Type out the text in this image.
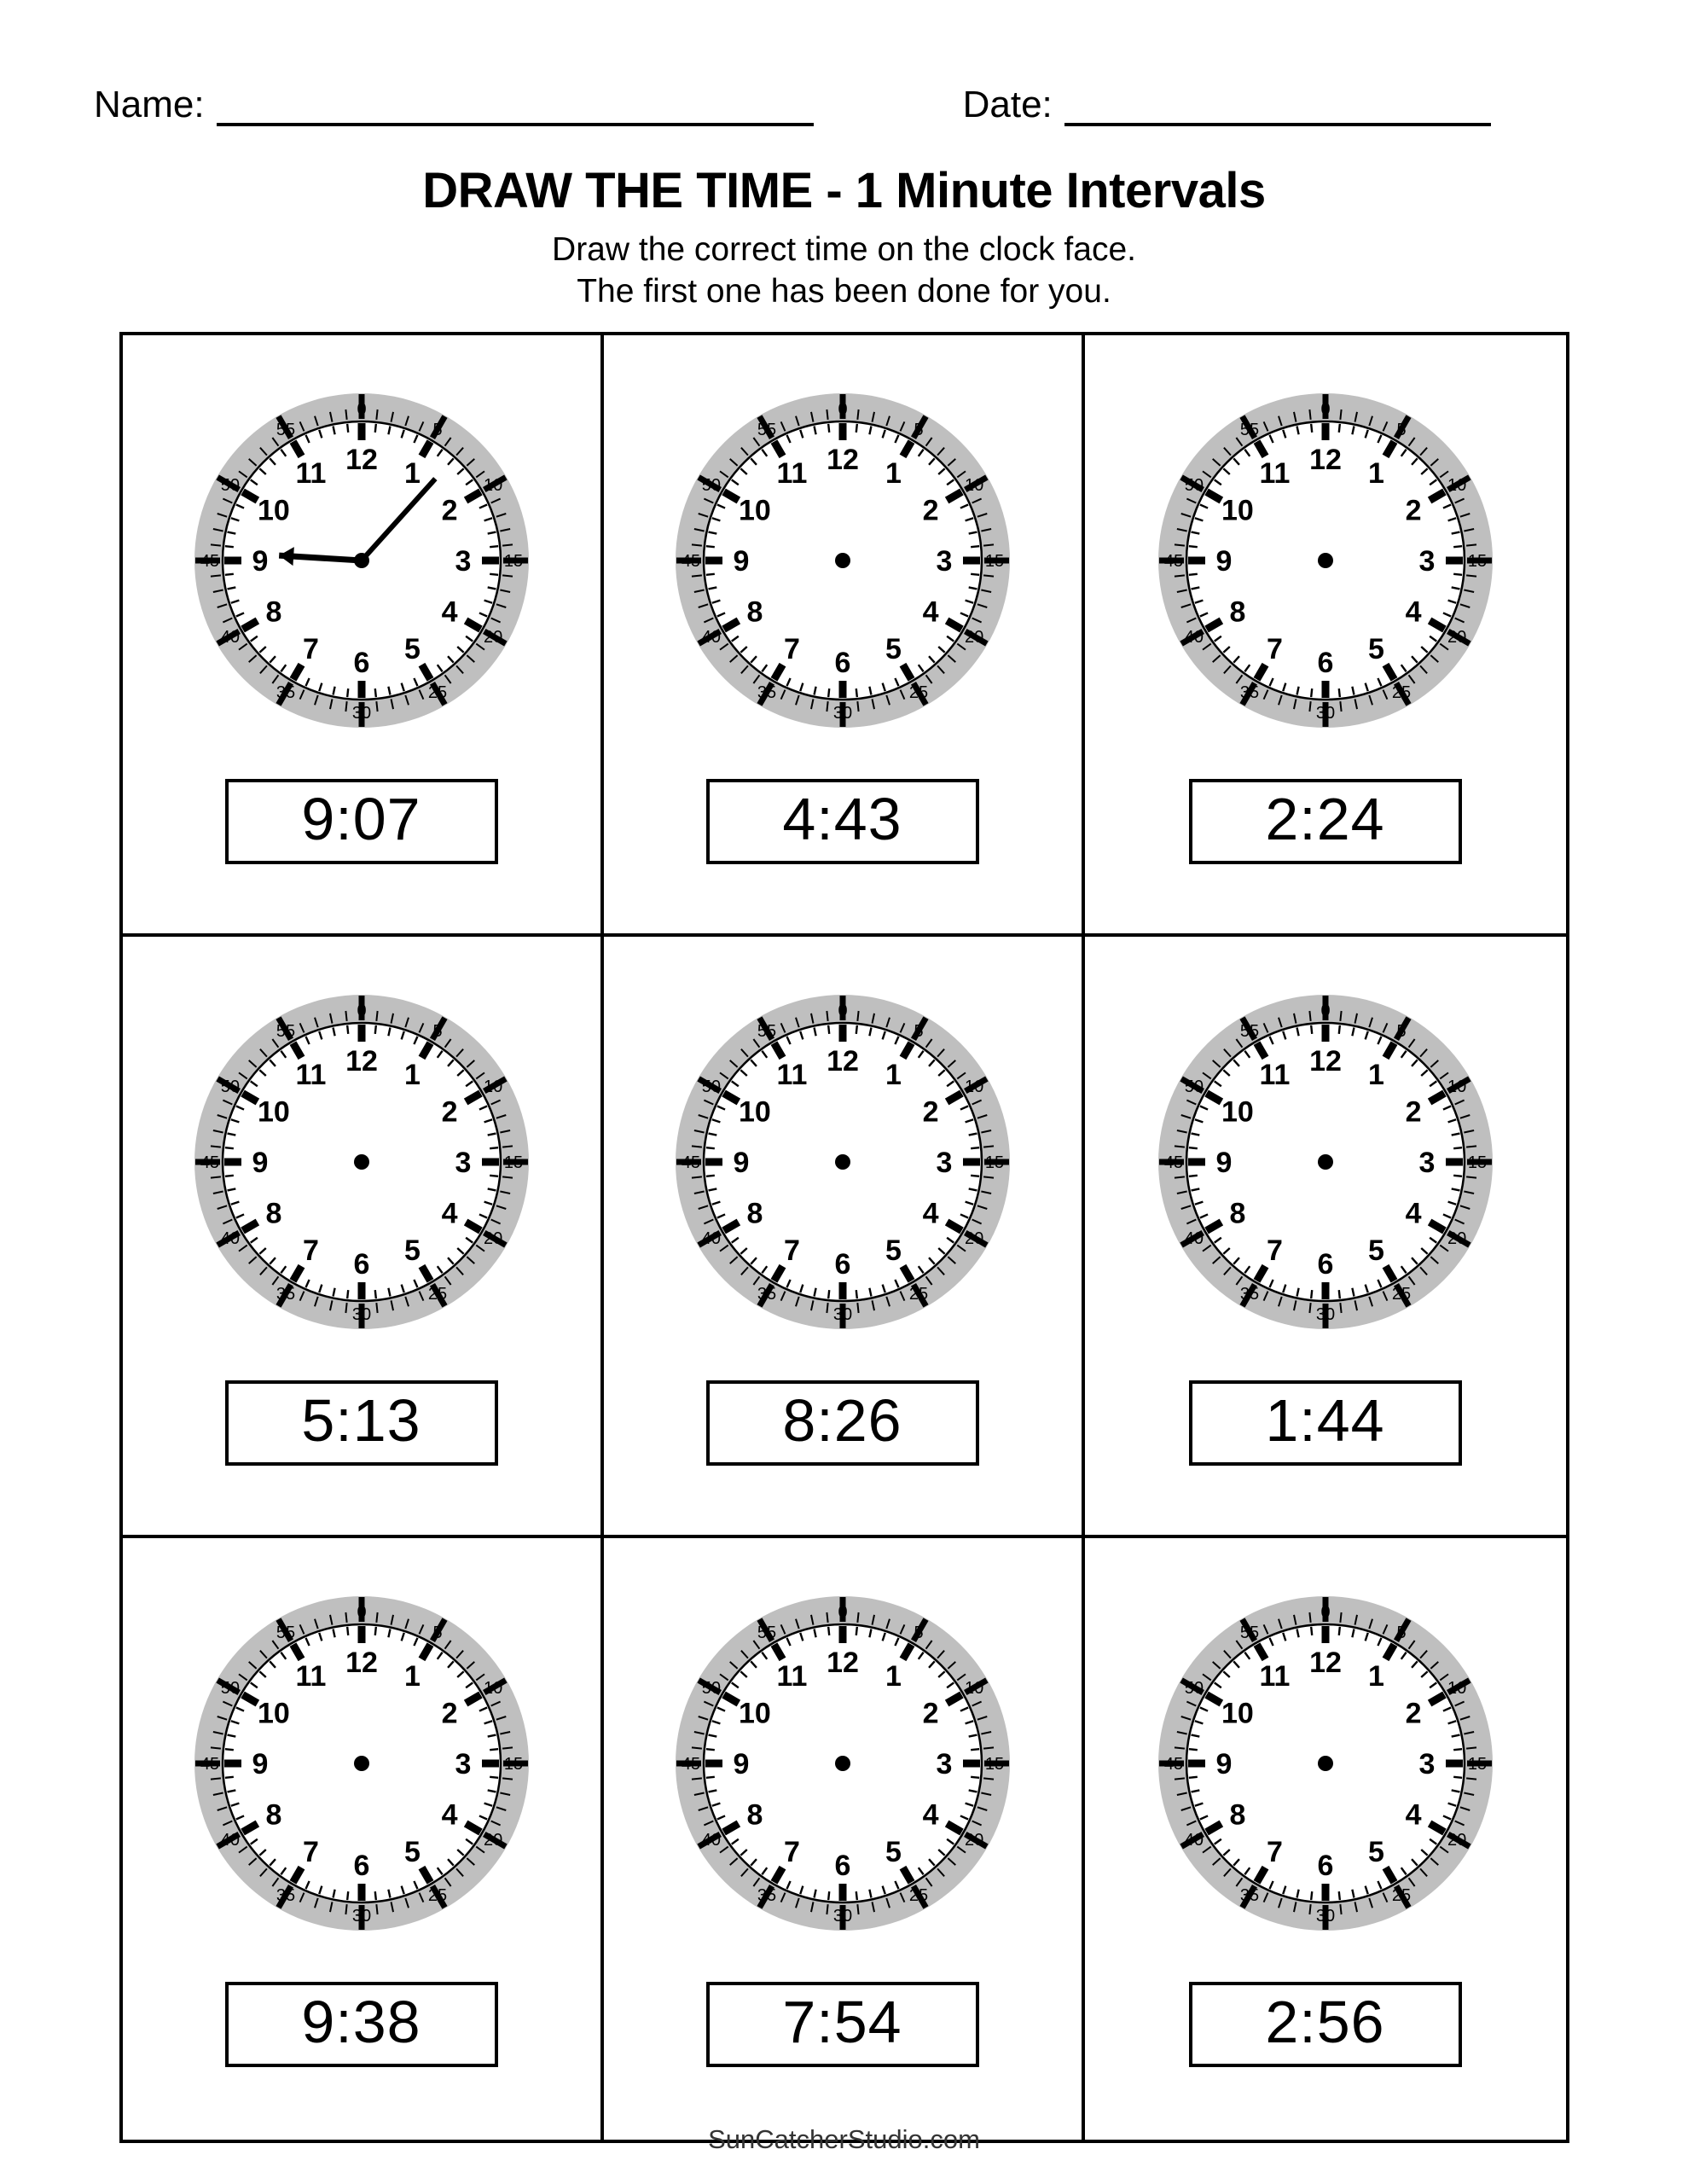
Name:	Date:
DRAW THE TIME - 1 Minute Intervals
Draw the correct time on the clock face.
The first one has been done for you.
12 1
2
3
4
5
6
7
8
9
10
11
0
5
10
15
20
25
30
35
40
45
50
55
9:07
12 1
2
3
4
5
6
7
8
9
10
11
0
5
10
15
20
25
30
35
40
45
50
55
4:43
12 1
2
3
4
5
6
7
8
9
10
11
0
5
10
15
20
25
30
35
40
45
50
55
2:24
12 1
2
3
4
5
6
7
8
9
10
11
0
5
10
15
20
25
30
35
40
45
50
55
5:13
12 1
2
3
4
5
6
7
8
9
10
11
0
5
10
15
20
25
30
35
40
45
50
55
8:26
12 1
2
3
4
5
6
7
8
9
10
11
0
5
10
15
20
25
30
35
40
45
50
55
1:44
12 1
2
3
4
5
6
7
8
9
10
11
0
5
10
15
20
25
30
35
40
45
50
55
9:38
12 1
2
3
4
5
6
7
8
9
10
11
0
5
10
15
20
25
30
35
40
45
50
55
7:54
12 1
2
3
4
5
6
7
8
9
10
11
0
5
10
15
20
25
30
35
40
45
50
55
2:56
SunCatcherStudio.com
